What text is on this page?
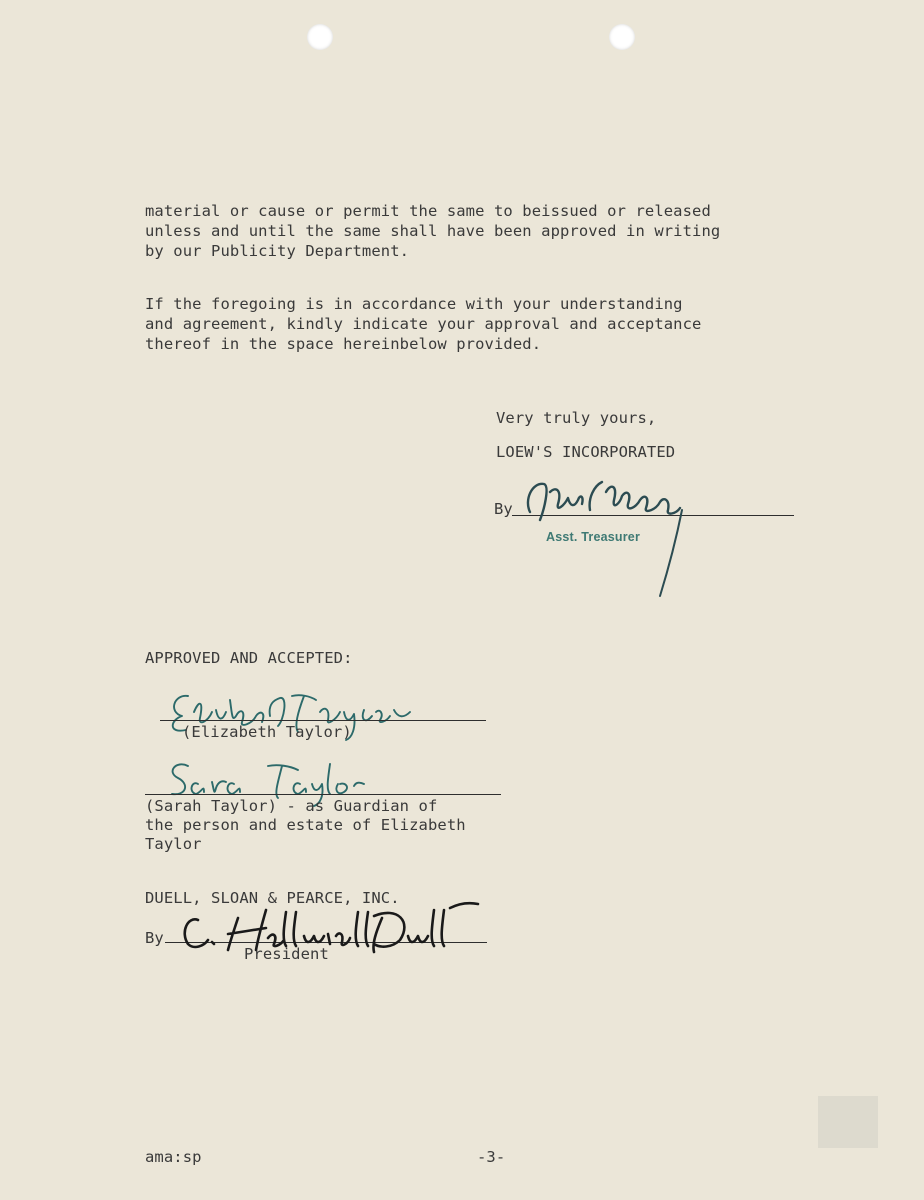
material or cause or permit the same to beissued or released
unless and until the same shall have been approved in writing
by our Publicity Department.
If the foregoing is in accordance with your understanding
and agreement, kindly indicate your approval and acceptance
thereof in the space hereinbelow provided.
Very truly yours,
LOEW'S INCORPORATED
By
Asst. Treasurer
APPROVED AND ACCEPTED:
(Elizabeth Taylor)
(Sarah Taylor) - as Guardian of
the person and estate of Elizabeth
Taylor
DUELL, SLOAN & PEARCE, INC.
By
President
ama:sp	-3-
